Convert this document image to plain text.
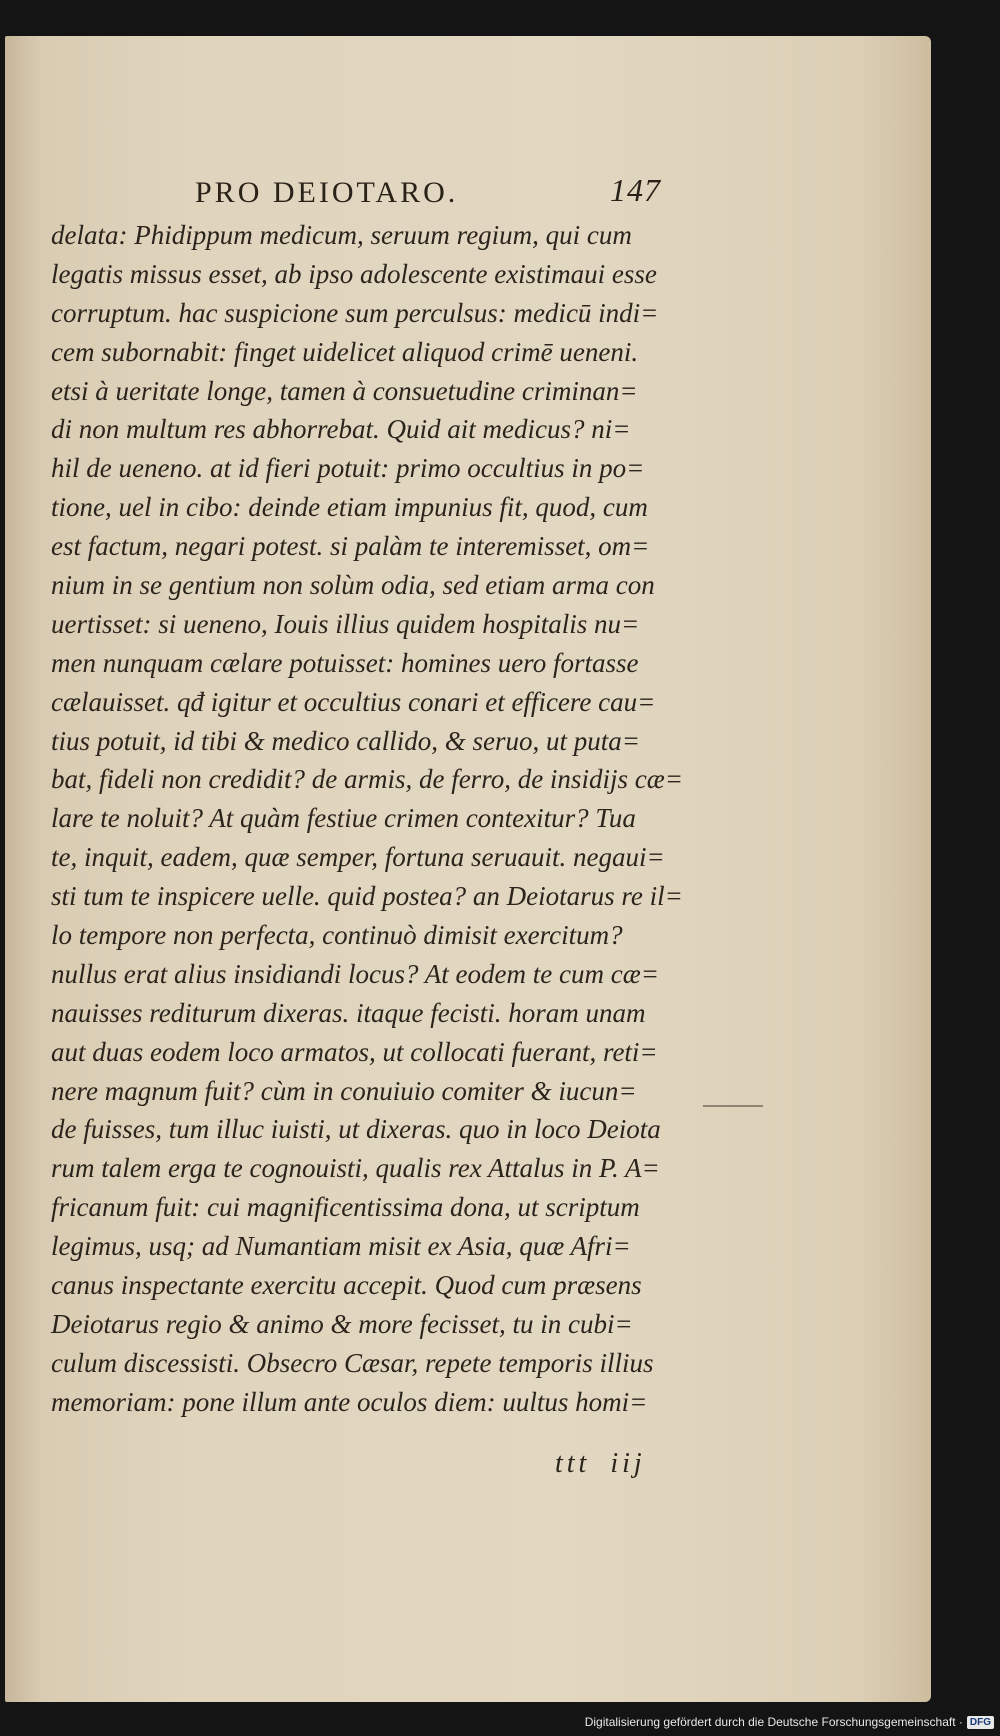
PRO DEIOTARO.	147
delata: Phidippum medicum, seruum regium, qui cum
legatis missus esset, ab ipso adolescente existimaui esse
corruptum. hac suspicione sum perculsus: medicū indi=
cem subornabit: finget uidelicet aliquod crimē ueneni.
etsi à ueritate longe, tamen à consuetudine criminan=
di non multum res abhorrebat. Quid ait medicus? ni=
hil de ueneno. at id fieri potuit: primo occultius in po=
tione, uel in cibo: deinde etiam impunius fit, quod, cum
est factum, negari potest. si palàm te interemisset, om=
nium in se gentium non solùm odia, sed etiam arma con
uertisset: si ueneno, Iouis illius quidem hospitalis nu=
men nunquam cælare potuisset: homines uero fortasse
cælauisset. qđ igitur et occultius conari et efficere cau=
tius potuit, id tibi & medico callido, & seruo, ut puta=
bat, fideli non credidit? de armis, de ferro, de insidijs cæ=
lare te noluit? At quàm festiue crimen contexitur? Tua
te, inquit, eadem, quæ semper, fortuna seruauit. negaui=
sti tum te inspicere uelle. quid postea? an Deiotarus re il=
lo tempore non perfecta, continuò dimisit exercitum?
nullus erat alius insidiandi locus? At eodem te cum cæ=
nauisses rediturum dixeras. itaque fecisti. horam unam
aut duas eodem loco armatos, ut collocati fuerant, reti=
nere magnum fuit? cùm in conuiuio comiter & iucun=
de fuisses, tum illuc iuisti, ut dixeras. quo in loco Deiota
rum talem erga te cognouisti, qualis rex Attalus in P. A=
fricanum fuit: cui magnificentissima dona, ut scriptum
legimus, usq; ad Numantiam misit ex Asia, quæ Afri=
canus inspectante exercitu accepit. Quod cum præsens
Deiotarus regio & animo & more fecisset, tu in cubi=
culum discessisti. Obsecro Cæsar, repete temporis illius
memoriam: pone illum ante oculos diem: uultus homi=
ttt iij
Digitalisierung gefördert durch die Deutsche Forschungsgemeinschaft · DFG
